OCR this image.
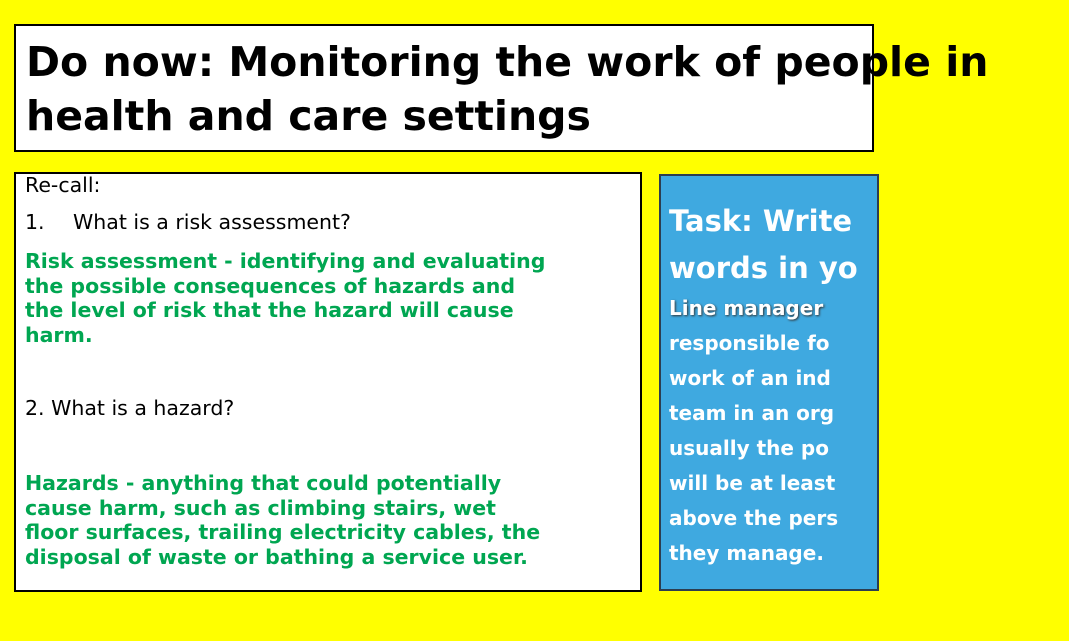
Do now: Monitoring the work of people in
health and care settings
Re-call:
1. What is a risk assessment?
Risk assessment - identifying and evaluating
the possible consequences of hazards and
the level of risk that the hazard will cause
harm.
2. What is a hazard?
Hazards - anything that could potentially
cause harm, such as climbing stairs, wet
floor surfaces, trailing electricity cables, the
disposal of waste or bathing a service user.

Task: Write
words in yo

Line manager
responsible fo
work of an ind
team in an org
usually the po
will be at least
above the pers
they manage.
